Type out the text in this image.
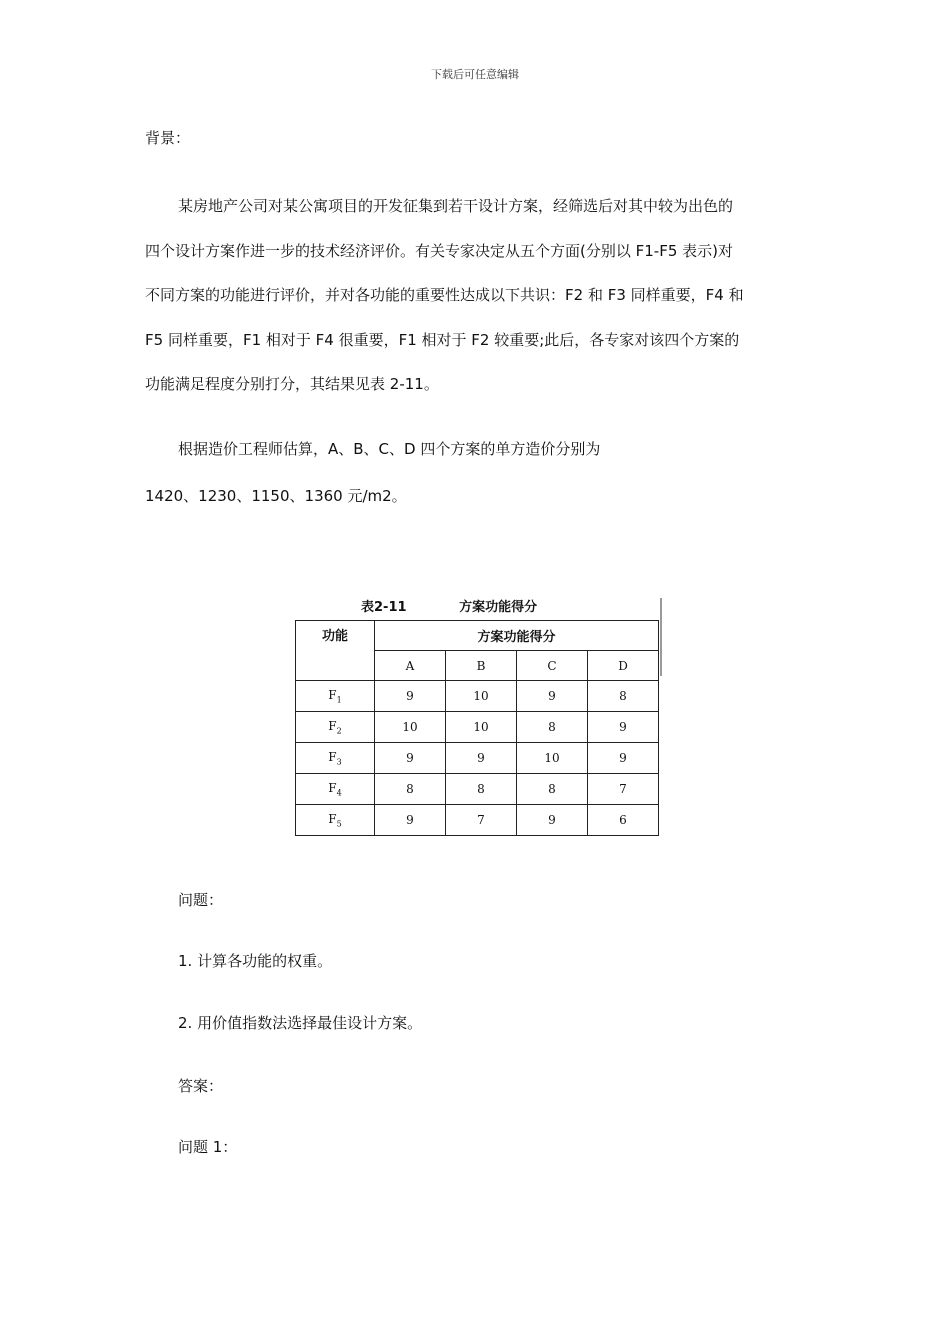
下载后可任意编辑
背景：
某房地产公司对某公寓项目的开发征集到若干设计方案，经筛选后对其中较为出色的
四个设计方案作进一步的技术经济评价。有关专家决定从五个方面(分别以 F1-F5 表示)对
不同方案的功能进行评价，并对各功能的重要性达成以下共识：F2 和 F3 同样重要，F4 和
F5 同样重要，F1 相对于 F4 很重要，F1 相对于 F2 较重要;此后，各专家对该四个方案的
功能满足程度分别打分，其结果见表 2-11。
根据造价工程师估算，A、B、C、D 四个方案的单方造价分别为
1420、1230、1150、1360 元/m2。
表2-11	方案功能得分
功能	方案功能得分			
	A	B	C	D
$F_1$	9	10	9	8
$F_2$	10	10	8	9
$F_3$	9	9	10	9
$F_4$	8	8	8	7
$F_5$	9	7	9	6
问题：
1. 计算各功能的权重。
2. 用价值指数法选择最佳设计方案。
答案：
问题 1：
